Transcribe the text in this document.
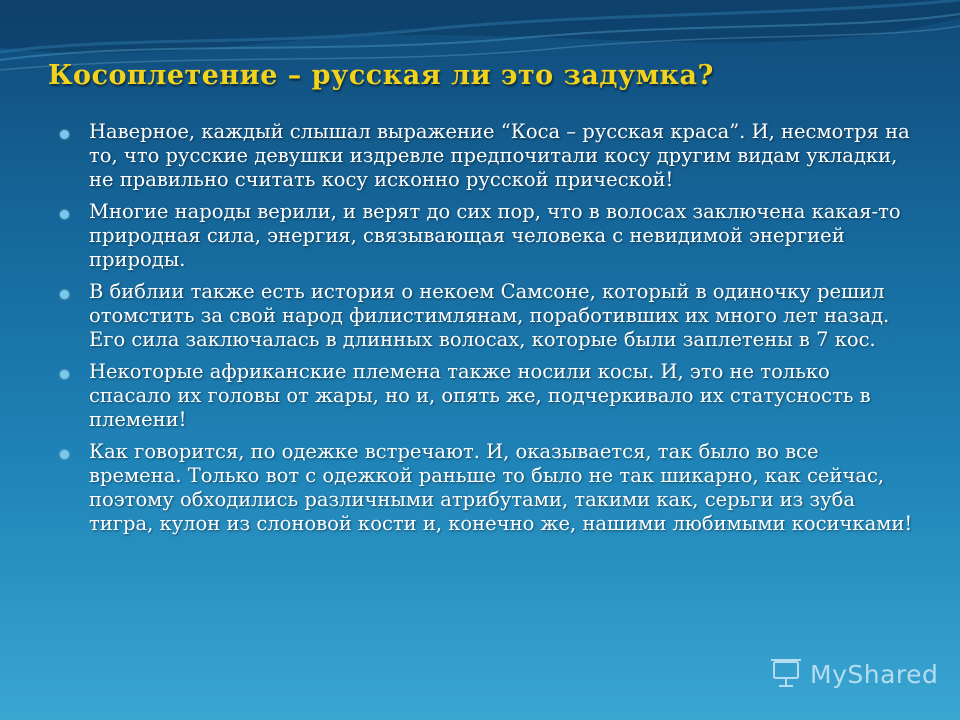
Косоплетение – русская ли это задумка?
Наверное, каждый слышал выражение “Коса – русская краса”. И, несмотря на то, что русские девушки издревле предпочитали косу другим видам укладки, не правильно считать косу исконно русской прической!
Многие народы верили, и верят до сих пор, что в волосах заключена какая-то природная сила, энергия, связывающая человека с невидимой энергией природы.
В библии также есть история о некоем Самсоне, который в одиночку решил отомстить за свой народ филистимлянам, поработивших их много лет назад. Его сила заключалась в длинных волосах, которые были заплетены в 7 кос.
Некоторые африканские племена также носили косы. И, это не только спасало их головы от жары, но и, опять же, подчеркивало их статусность в племени!
Как говорится, по одежке встречают. И, оказывается, так было во все времена. Только вот с одежкой раньше то было не так шикарно, как сейчас, поэтому обходились различными атрибутами, такими как, серьги из зуба тигра, кулон из слоновой кости и, конечно же, нашими любимыми косичками!
MyShared
